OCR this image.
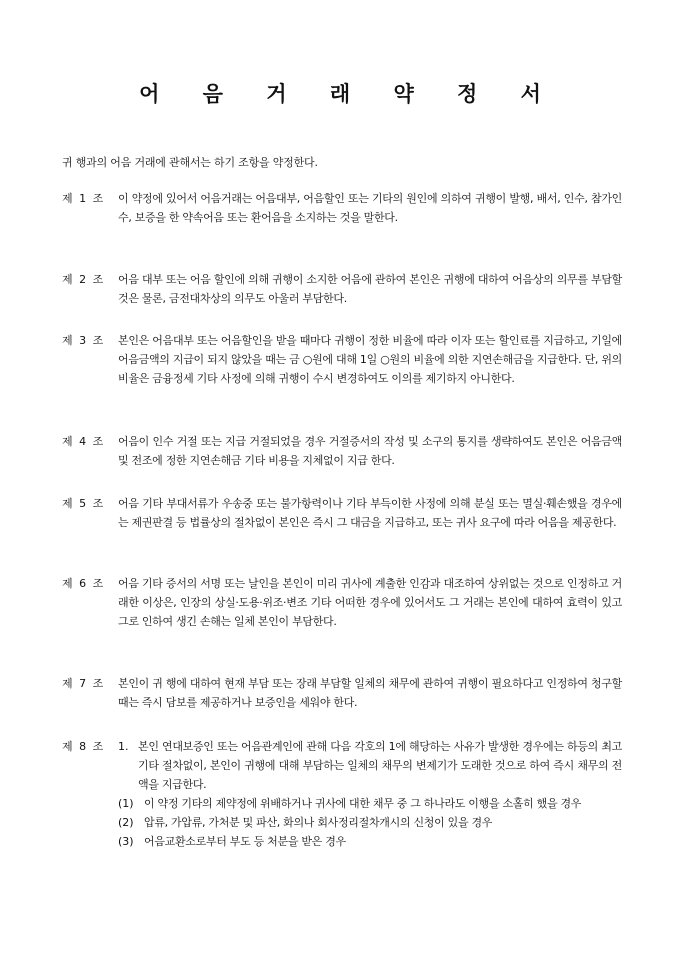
어 음 거 래 약 정 서
귀 행과의 어음 거래에 관해서는 하기 조항을 약정한다.
제 1 조	이 약정에 있어서 어음거래는 어음대부, 어음할인 또는 기타의 원인에 의하여 귀행이 발행, 배서, 인수, 참가인수, 보증을 한 약속어음 또는 환어음을 소지하는 것을 말한다.
제 2 조	어음 대부 또는 어음 할인에 의해 귀행이 소지한 어음에 관하여 본인은 귀행에 대하여 어음상의 의무를 부담할 것은 물론, 금전대차상의 의무도 아울러 부담한다.
제 3 조	본인은 어음대부 또는 어음할인을 받을 때마다 귀행이 정한 비율에 따라 이자 또는 할인료를 지급하고, 기일에 어음금액의 지급이 되지 않았을 때는 금 ○원에 대해 1일 ○원의 비율에 의한 지연손해금을 지급한다. 단, 위의 비율은 금융정세 기타 사정에 의해 귀행이 수시 변경하여도 이의를 제기하지 아니한다.
제 4 조	어음이 인수 거절 또는 지급 거절되었을 경우 거절증서의 작성 및 소구의 통지를 생략하여도 본인은 어음금액 및 전조에 정한 지연손해금 기타 비용을 지체없이 지급 한다.
제 5 조	어음 기타 부대서류가 우송중 또는 불가항력이나 기타 부득이한 사정에 의해 분실 또는 멸실·훼손했을 경우에는 제권판결 등 법률상의 절차없이 본인은 즉시 그 대금을 지급하고, 또는 귀사 요구에 따라 어음을 제공한다.
제 6 조	어음 기타 증서의 서명 또는 날인을 본인이 미리 귀사에 계출한 인감과 대조하여 상위없는 것으로 인정하고 거래한 이상은, 인장의 상실·도용·위조·변조 기타 어떠한 경우에 있어서도 그 거래는 본인에 대하여 효력이 있고 그로 인하여 생긴 손해는 일체 본인이 부담한다.
제 7 조	본인이 귀 행에 대하여 현재 부담 또는 장래 부담할 일체의 채무에 관하여 귀행이 필요하다고 인정하여 청구할 때는 즉시 담보를 제공하거나 보증인을 세워야 한다.
제 8 조	1. 본인 연대보증인 또는 어음관계인에 관해 다음 각호의 1에 해당하는 사유가 발생한 경우에는 하등의 최고 기타 절차없이, 본인이 귀행에 대해 부담하는 일체의 채무의 변제기가 도래한 것으로 하여 즉시 채무의 전액을 지급한다.
(1) 이 약정 기타의 제약정에 위배하거나 귀사에 대한 채무 중 그 하나라도 이행을 소홀히 했을 경우
(2) 압류, 가압류, 가처분 및 파산, 화의나 회사정리절차개시의 신청이 있을 경우
(3) 어음교환소로부터 부도 등 처분을 받은 경우
